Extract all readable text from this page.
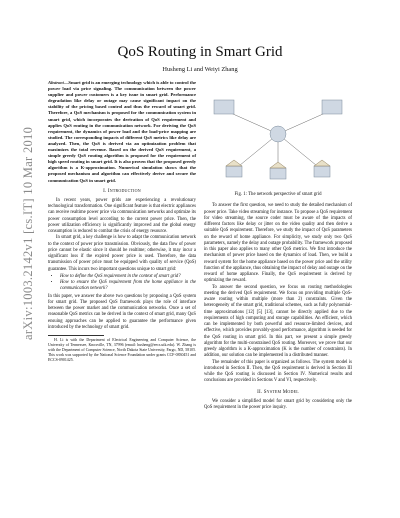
arXiv:1003.2142v1 [cs.IT] 10 Mar 2010
QoS Routing in Smart Grid
Husheng Li and Weiyi Zhang
Abstract—Smart grid is an emerging technology which is able to control the power load via price signaling. The communication between the power supplier and power customers is a key issue in smart grid. Performance degradation like delay or outage may cause significant impact on the stability of the pricing based control and thus the reward of smart grid. Therefore, a QoS mechanism is proposed for the communication system in smart grid, which incorporates the derivation of QoS requirement and applies QoS routing in the communication network. For deriving the QoS requirement, the dynamics of power load and the load-price mapping are studied. The corresponding impacts of different QoS metrics like delay are analyzed. Then, the QoS is derived via an optimization problem that maximizes the total revenue. Based on the derived QoS requirement, a simple greedy QoS routing algorithm is proposed for the requirement of high speed routing in smart grid. It is also proven that the proposed greedy algorithm is a K-approximation. Numerical simulation shows that the proposed mechanism and algorithm can effectively derive and secure the communication QoS in smart grid.
I. Introduction

In recent years, power grids are experiencing a revolutionary technological transformation. One significant feature is that electric appliances can receive realtime power price via communication networks and optimize its power consumption level according to the current power price. Then, the power utilization efficiency is significantly improved and the global energy consumption is reduced to combat the crisis of energy resource.

In smart grid, a key challenge is how to adapt the communication network to the context of power price transmission. Obviously, the data flow of power price cannot be elastic since it should be realtime; otherwise, it may incur a significant loss if the expired power price is used. Therefore, the data transmission of power price must be equipped with quality of service (QoS) guarantee. This incurs two important questions unique to smart grid:

• How to define the QoS requirement in the context of smart grid?
• How to ensure the QoS requirement from the home appliance in the communication network?

In this paper, we answer the above two questions by proposing a QoS system for smart grid. The proposed QoS framework plays the role of interface between the power market and the communication networks. Once a set of reasonable QoS metrics can be derived in the context of smart grid, many QoS ensuing approaches can be applied to guarantee the performance given introduced by the technology of smart grid.

H. Li is with the Department of Electrical Engineering and Computer Science, the University of Tennessee, Knoxville, TN, 37996 (email: husheng@eecs.utk.edu). W. Zhang is with the Department of Computer Science, North Dakota State University, Fargo, ND, 58105. This work was supported by the National Science Foundation under grants CCF-0830451 and ECCS-0901425.
Fig. 1: The network perspective of smart grid

To answer the first question, we need to study the detailed mechanism of power price. Take video streaming for instance. To propose a QoS requirement for video streaming, the source coder must be aware of the impacts of different factors like delay or jitter on the video quality and then derive a suitable QoS requirement. Therefore, we study the impact of QoS parameters on the reward of home appliance. For simplicity, we study only two QoS parameters, namely the delay and outage probability. The framework proposed in this paper also applies to many other QoS metrics. We first introduce the mechanism of power price based on the dynamics of load. Then, we build a reward system for the home appliance based on the power price and the utility function of the appliance, thus obtaining the impact of delay and outage on the reward of home appliance. Finally, the QoS requirement is derived by optimizing the reward.

To answer the second question, we focus on routing methodologies meeting the derived QoS requirement. We focus on providing multiple QoS-aware routing within multiple (more than 2) constraints. Given the heterogeneity of the smart grid, traditional schemes, such as fully polynomial-time approximations [12] [5] [13], cannot be directly applied due to the requirements of high computing and storage capabilities. An efficient, which can be implemented by both powerful and resource-limited devices, and effective, which provides provably-good performance, algorithm is needed for the QoS routing in smart grid. In this part, we present a simple greedy algorithm for the multi-constrained QoS routing. Moreover, we prove that our greedy algorithm is a K-approximation (K is the number of constraints). In addition, our solution can be implemented in a distributed manner.

The remainder of this paper is organized as follows. The system model is introduced in Section II. Then, the QoS requirement is derived in Section III while the QoS routing is discussed in Section IV. Numerical results and conclusions are provided in Sections V and VI, respectively.

II. System Model

We consider a simplified model for smart grid by considering only the QoS requirement in the power price inquiry.
